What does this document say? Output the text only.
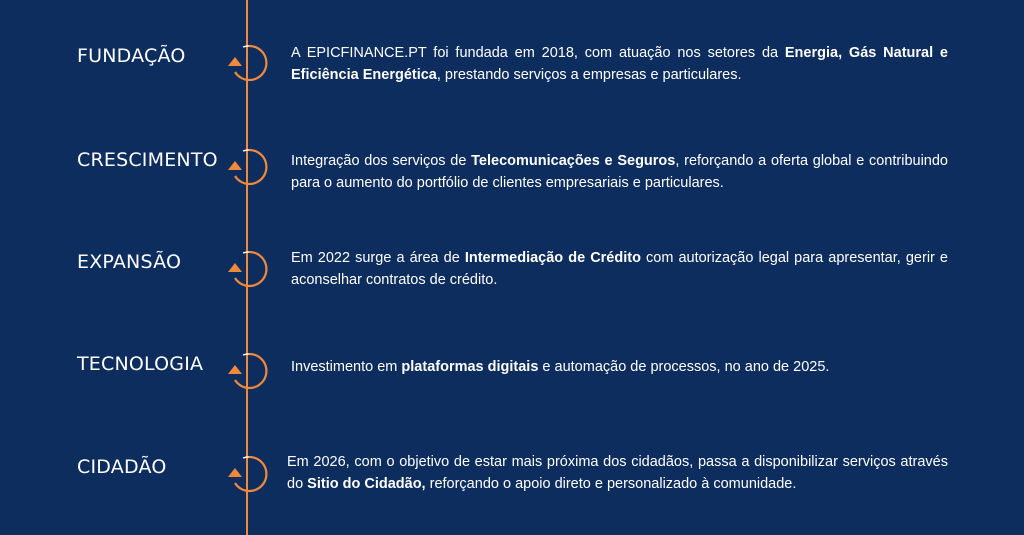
FUNDAÇÃO	A EPICFINANCE.PT foi fundada em 2018, com atuação nos setores da Energia, Gás Natural e Eficiência Energética, prestando serviços a empresas e particulares.
CRESCIMENTO	Integração dos serviços de Telecomunicações e Seguros, reforçando a oferta global e contribuindo para o aumento do portfólio de clientes empresariais e particulares.
EXPANSÃO	Em 2022 surge a área de Intermediação de Crédito com autorização legal para apresentar, gerir e aconselhar contratos de crédito.
TECNOLOGIA	Investimento em plataformas digitais e automação de processos, no ano de 2025.
CIDADÃO	Em 2026, com o objetivo de estar mais próxima dos cidadãos, passa a disponibilizar serviços através do Sitio do Cidadão, reforçando o apoio direto e personalizado à comunidade.
